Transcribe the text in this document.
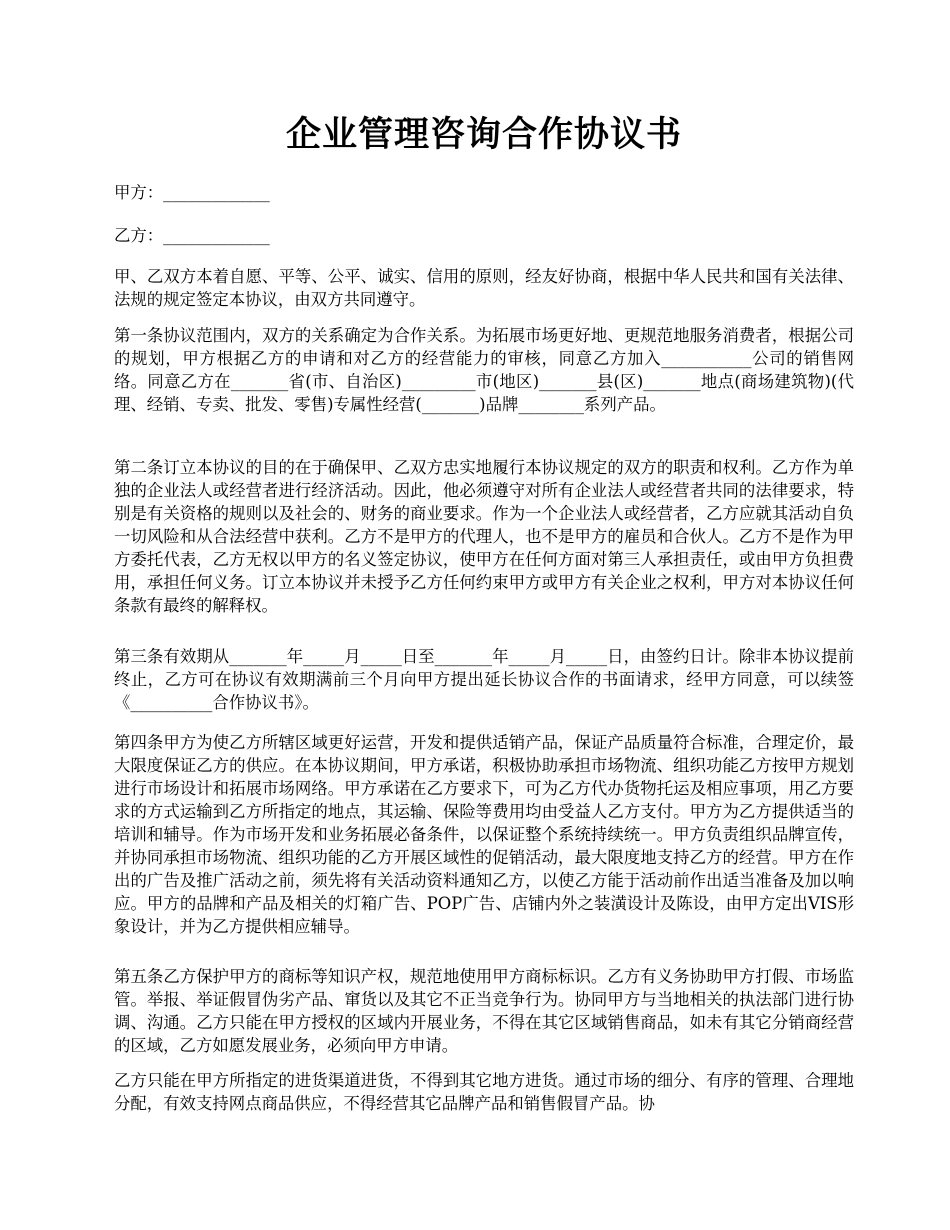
企业管理咨询合作协议书

甲方：_____________

乙方：_____________

甲、乙双方本着自愿、平等、公平、诚实、信用的原则，经友好协商，根据中华人民共和国有关法律、法规的规定签定本协议，由双方共同遵守。

第一条协议范围内，双方的关系确定为合作关系。为拓展市场更好地、更规范地服务消费者，根据公司的规划，甲方根据乙方的申请和对乙方的经营能力的审核，同意乙方加入___________公司的销售网络。同意乙方在_______省(市、自治区)_________市(地区)_______县(区)_______地点(商场建筑物)(代理、经销、专卖、批发、零售)专属性经营(_______)品牌________系列产品。

第二条订立本协议的目的在于确保甲、乙双方忠实地履行本协议规定的双方的职责和权利。乙方作为单独的企业法人或经营者进行经济活动。因此，他必须遵守对所有企业法人或经营者共同的法律要求，特别是有关资格的规则以及社会的、财务的商业要求。作为一个企业法人或经营者，乙方应就其活动自负一切风险和从合法经营中获利。乙方不是甲方的代理人，也不是甲方的雇员和合伙人。乙方不是作为甲方委托代表，乙方无权以甲方的名义签定协议，使甲方在任何方面对第三人承担责任，或由甲方负担费用，承担任何义务。订立本协议并未授予乙方任何约束甲方或甲方有关企业之权利，甲方对本协议任何条款有最终的解释权。

第三条有效期从_______年_____月_____日至_______年_____月_____日，由签约日计。除非本协议提前终止，乙方可在协议有效期满前三个月向甲方提出延长协议合作的书面请求，经甲方同意，可以续签《__________合作协议书》。

第四条甲方为使乙方所辖区域更好运营，开发和提供适销产品，保证产品质量符合标准，合理定价，最大限度保证乙方的供应。在本协议期间，甲方承诺，积极协助承担市场物流、组织功能乙方按甲方规划进行市场设计和拓展市场网络。甲方承诺在乙方要求下，可为乙方代办货物托运及相应事项，用乙方要求的方式运输到乙方所指定的地点，其运输、保险等费用均由受益人乙方支付。甲方为乙方提供适当的培训和辅导。作为市场开发和业务拓展必备条件，以保证整个系统持续统一。甲方负责组织品牌宣传，并协同承担市场物流、组织功能的乙方开展区域性的促销活动，最大限度地支持乙方的经营。甲方在作出的广告及推广活动之前，须先将有关活动资料通知乙方，以使乙方能于活动前作出适当准备及加以响应。甲方的品牌和产品及相关的灯箱广告、POP广告、店铺内外之装潢设计及陈设，由甲方定出VIS形象设计，并为乙方提供相应辅导。

第五条乙方保护甲方的商标等知识产权，规范地使用甲方商标标识。乙方有义务协助甲方打假、市场监管。举报、举证假冒伪劣产品、窜货以及其它不正当竞争行为。协同甲方与当地相关的执法部门进行协调、沟通。乙方只能在甲方授权的区域内开展业务，不得在其它区域销售商品，如未有其它分销商经营的区域，乙方如愿发展业务，必须向甲方申请。

乙方只能在甲方所指定的进货渠道进货，不得到其它地方进货。通过市场的细分、有序的管理、合理地分配，有效支持网点商品供应，不得经营其它品牌产品和销售假冒产品。协
